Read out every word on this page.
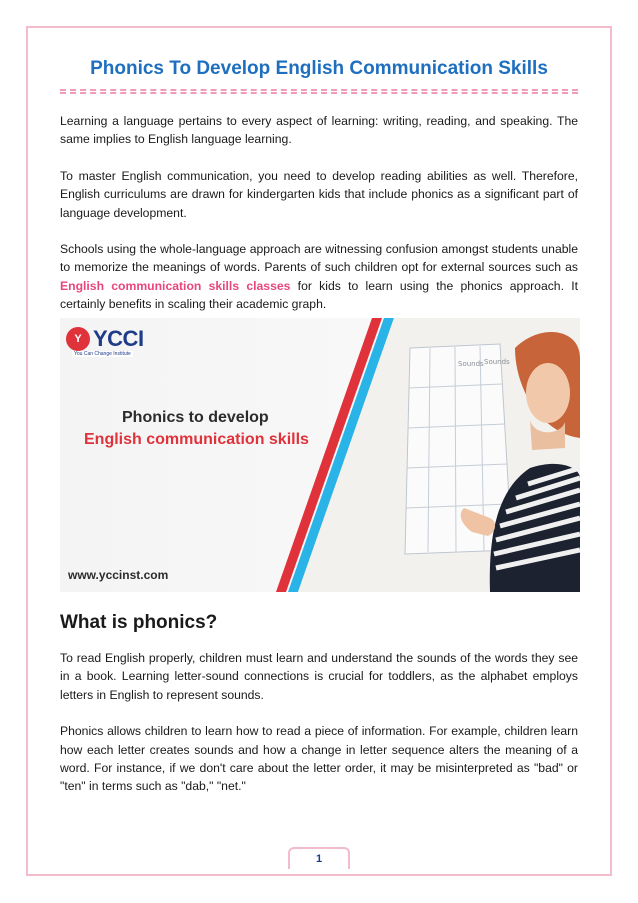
Phonics To Develop English Communication Skills

Learning a language pertains to every aspect of learning: writing, reading, and speaking. The same implies to English language learning.

To master English communication, you need to develop reading abilities as well. Therefore, English curriculums are drawn for kindergarten kids that include phonics as a significant part of language development.

Schools using the whole-language approach are witnessing confusion amongst students unable to memorize the meanings of words. Parents of such children opt for external sources such as English communication skills classes for kids to learn using the phonics approach. It certainly benefits in scaling their academic graph.

Sounds Sounds
Y YCCI
You Can Change Institute
Phonics to develop
English communication skills
www.yccinst.com
What is phonics?

To read English properly, children must learn and understand the sounds of the words they see in a book. Learning letter-sound connections is crucial for toddlers, as the alphabet employs letters in English to represent sounds.

Phonics allows children to learn how to read a piece of information. For example, children learn how each letter creates sounds and how a change in letter sequence alters the meaning of a word. For instance, if we don't care about the letter order, it may be misinterpreted as "bad" or "ten" in terms such as "dab," "net."

1
